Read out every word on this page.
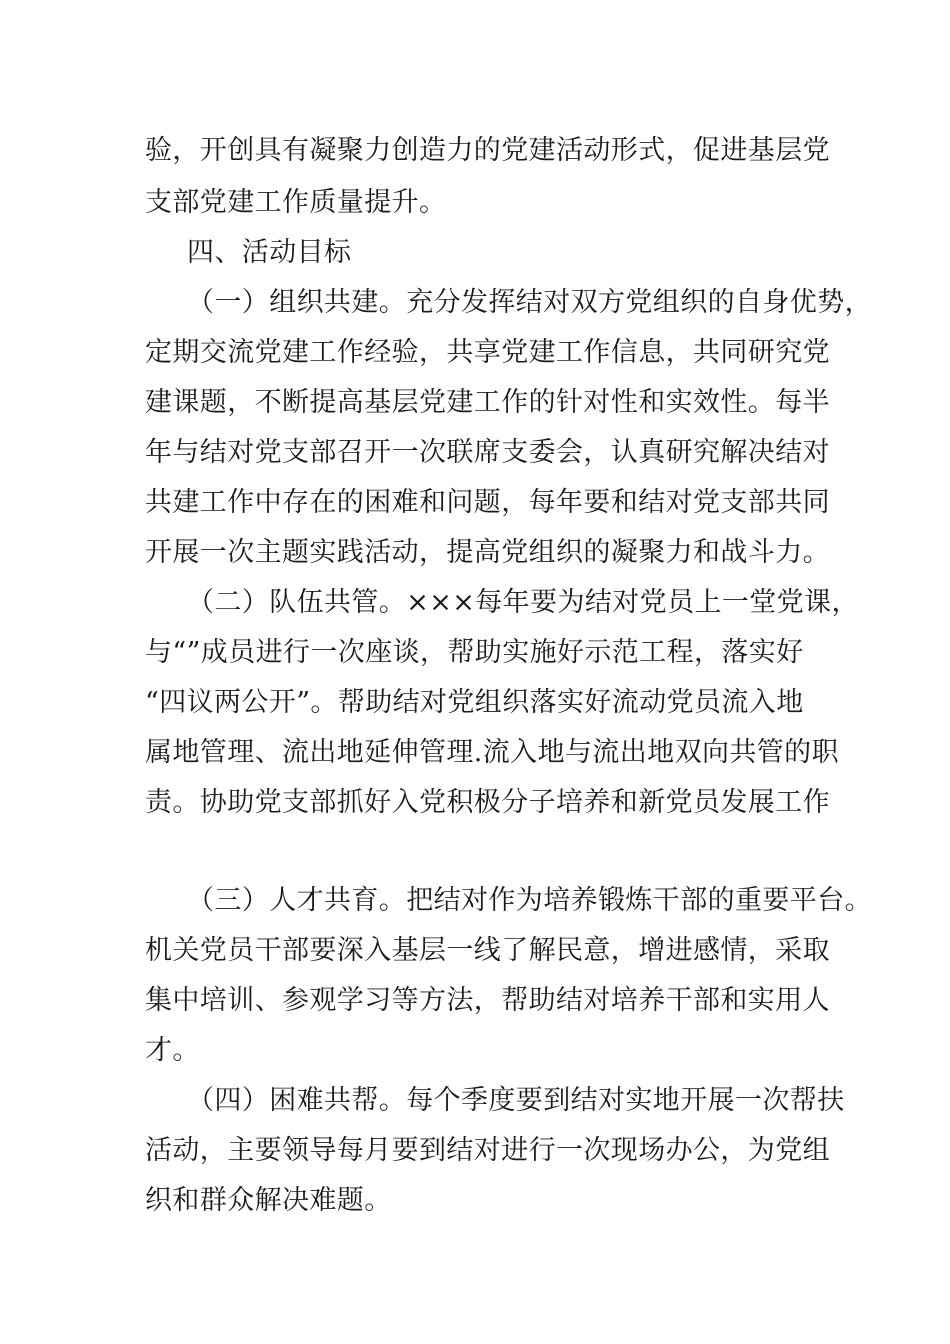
验，开创具有凝聚力创造力的党建活动形式，促进基层党
支部党建工作质量提升。
四、活动目标
（一）组织共建。充分发挥结对双方党组织的自身优势，
定期交流党建工作经验，共享党建工作信息，共同研究党
建课题，不断提高基层党建工作的针对性和实效性。每半
年与结对党支部召开一次联席支委会，认真研究解决结对
共建工作中存在的困难和问题，每年要和结对党支部共同
开展一次主题实践活动，提高党组织的凝聚力和战斗力。
（二）队伍共管。×××每年要为结对党员上一堂党课，
与“”成员进行一次座谈，帮助实施好示范工程，落实好
“四议两公开”。帮助结对党组织落实好流动党员流入地
属地管理、流出地延伸管理.流入地与流出地双向共管的职
责。协助党支部抓好入党积极分子培养和新党员发展工作
（三）人才共育。把结对作为培养锻炼干部的重要平台。
机关党员干部要深入基层一线了解民意，增进感情，采取
集中培训、参观学习等方法，帮助结对培养干部和实用人
才。
（四）困难共帮。每个季度要到结对实地开展一次帮扶
活动，主要领导每月要到结对进行一次现场办公，为党组
织和群众解决难题。
